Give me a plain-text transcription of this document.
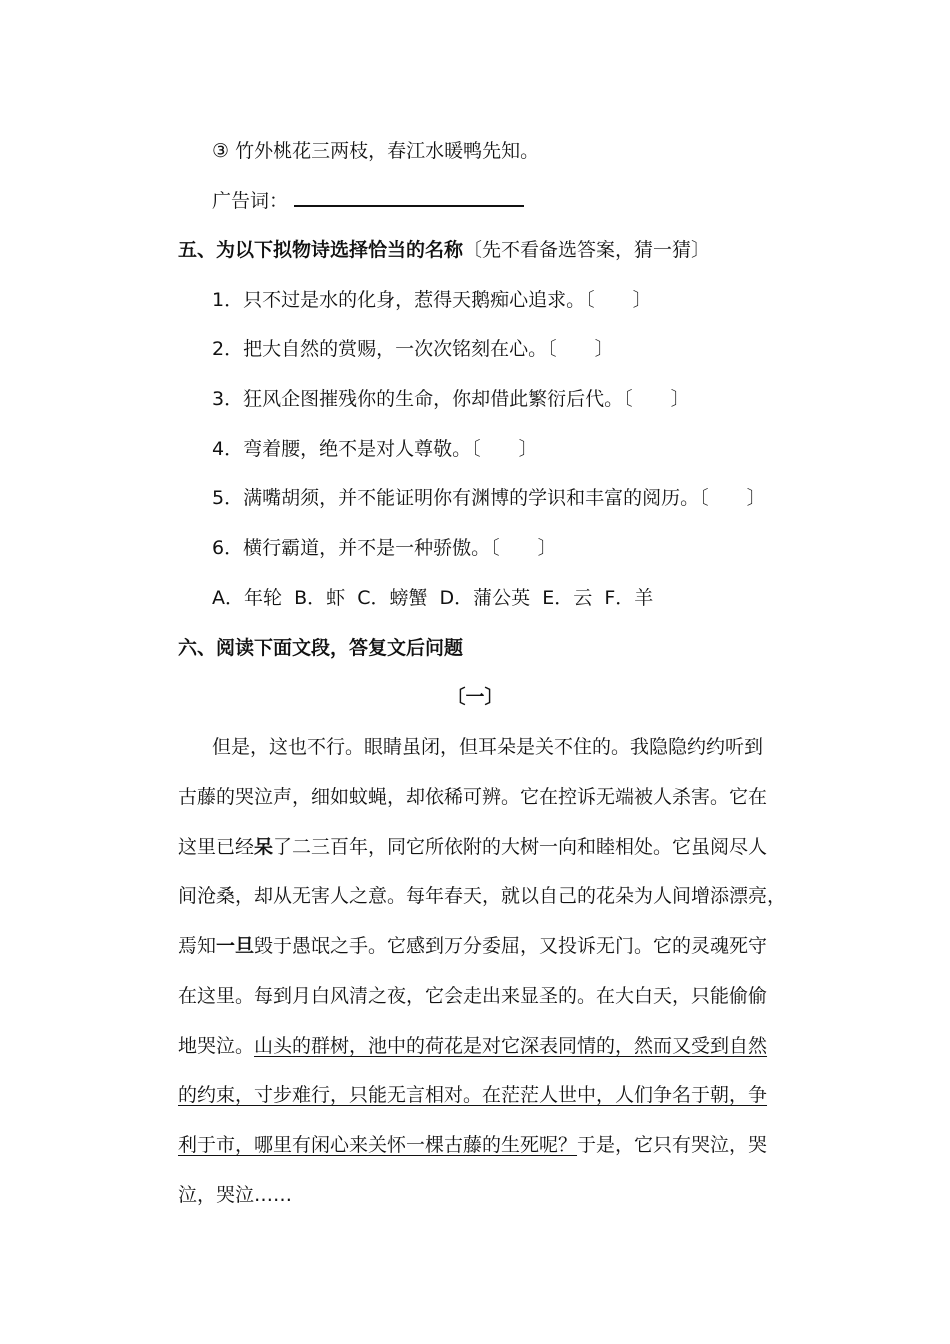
③ 竹外桃花三两枝，春江水暖鸭先知。
广告词：
五、为以下拟物诗选择恰当的名称〔先不看备选答案，猜一猜〕
1．只不过是水的化身，惹得天鹅痴心追求。〔　　〕
2．把大自然的赏赐，一次次铭刻在心。〔　　〕
3．狂风企图摧残你的生命，你却借此繁衍后代。〔　　〕
4．弯着腰，绝不是对人尊敬。〔　　〕
5．满嘴胡须，并不能证明你有渊博的学识和丰富的阅历。〔　　〕
6．横行霸道，并不是一种骄傲。〔　　〕
A．年轮  B．虾  C．螃蟹  D．蒲公英  E．云  F．羊
六、阅读下面文段，答复文后问题
〔一〕
但是，这也不行。眼睛虽闭，但耳朵是关不住的。我隐隐约约听到
古藤的哭泣声，细如蚊蝇，却依稀可辨。它在控诉无端被人杀害。它在
这里已经呆了二三百年，同它所依附的大树一向和睦相处。它虽阅尽人
间沧桑，却从无害人之意。每年春天，就以自己的花朵为人间增添漂亮，
焉知一旦毁于愚氓之手。它感到万分委屈，又投诉无门。它的灵魂死守
在这里。每到月白风清之夜，它会走出来显圣的。在大白天，只能偷偷
地哭泣。山头的群树，池中的荷花是对它深表同情的，然而又受到自然
的约束，寸步难行，只能无言相对。在茫茫人世中，人们争名于朝，争
利于市，哪里有闲心来关怀一棵古藤的生死呢？于是，它只有哭泣，哭
泣，哭泣……
